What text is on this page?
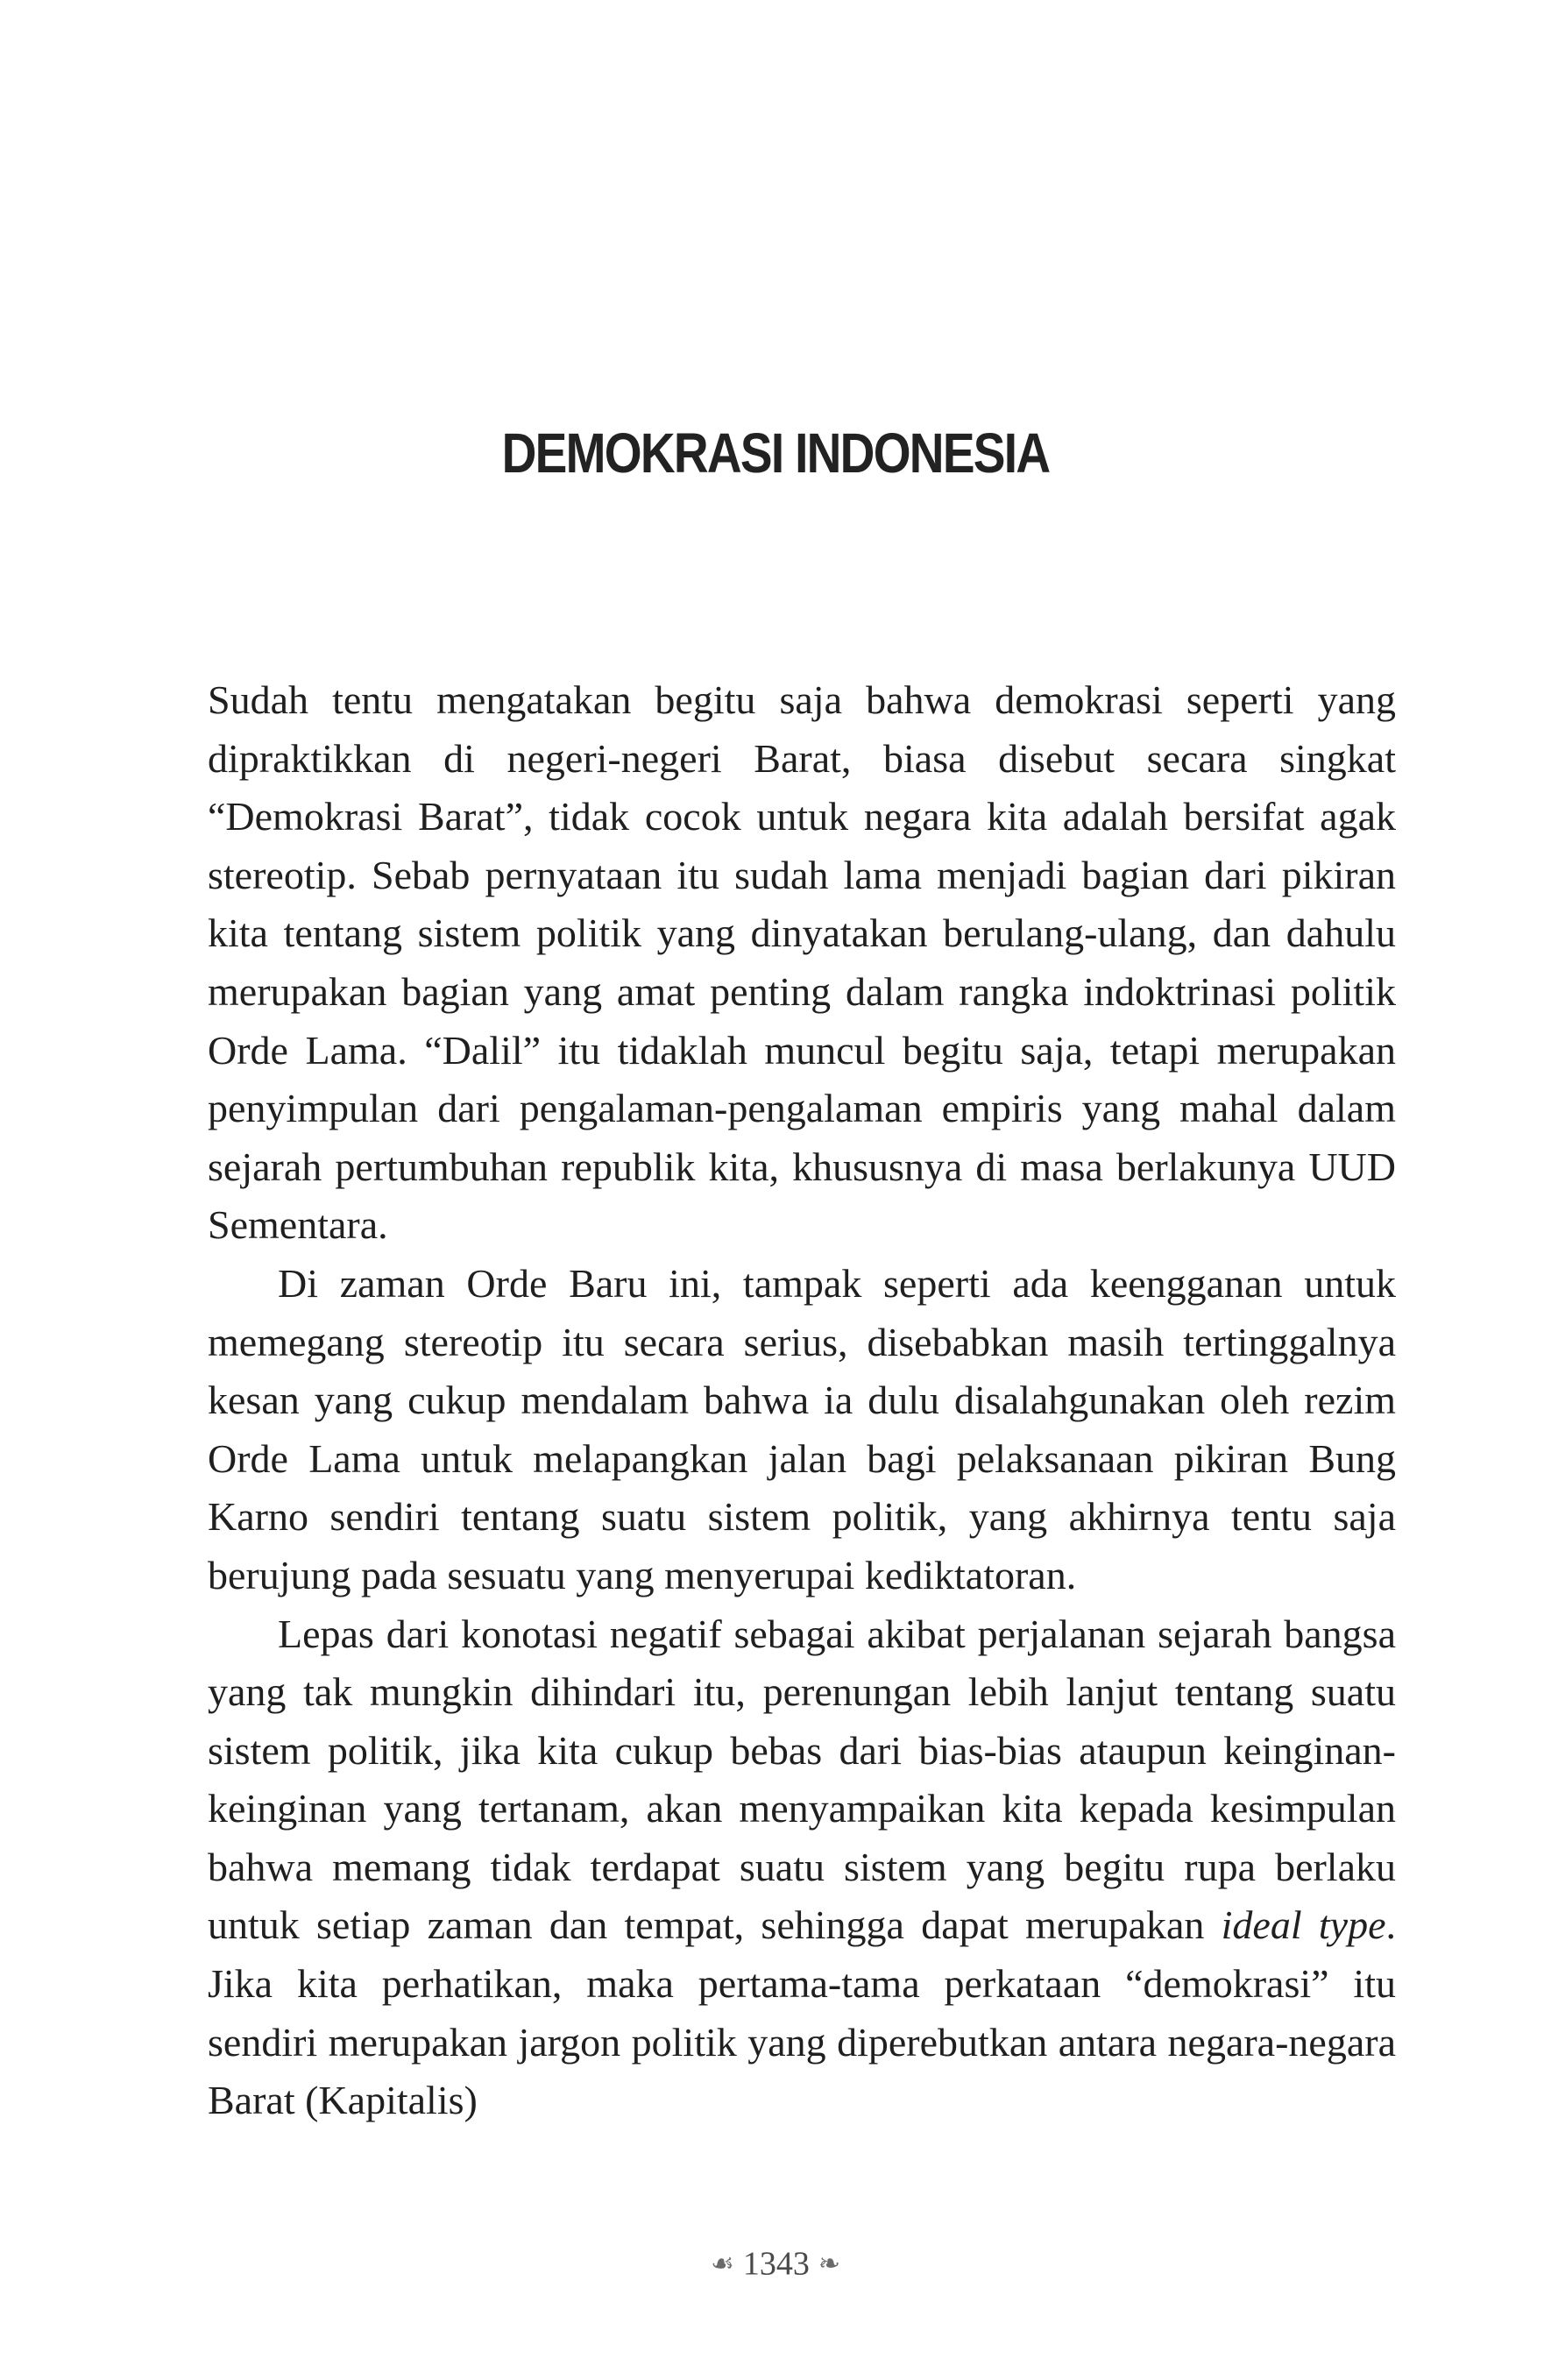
DEMOKRASI INDONESIA

Sudah tentu mengatakan begitu saja bahwa demokrasi seperti yang dipraktikkan di negeri-negeri Barat, biasa disebut secara singkat “Demokrasi Barat”, tidak cocok untuk negara kita adalah bersifat agak stereotip. Sebab pernyataan itu sudah lama menjadi bagian dari pikiran kita tentang sistem politik yang dinyatakan berulang-ulang, dan dahulu merupakan bagian yang amat penting dalam rangka indoktrinasi politik Orde Lama. “Dalil” itu tidaklah muncul begitu saja, tetapi merupakan penyimpulan dari pengalaman-pengalaman empiris yang mahal dalam sejarah pertumbuhan republik kita, khususnya di masa berlakunya UUD Sementara.

Di zaman Orde Baru ini, tampak seperti ada keengganan untuk memegang stereotip itu secara serius, disebabkan masih tertinggalnya kesan yang cukup mendalam bahwa ia dulu disalahgunakan oleh rezim Orde Lama untuk melapangkan jalan bagi pelaksanaan pikiran Bung Karno sendiri tentang suatu sistem politik, yang akhirnya tentu saja berujung pada sesuatu yang menyerupai kediktatoran.

Lepas dari konotasi negatif sebagai akibat perjalanan sejarah bangsa yang tak mungkin dihindari itu, perenungan lebih lanjut tentang suatu sistem politik, jika kita cukup bebas dari bias-bias ataupun keinginan-keinginan yang tertanam, akan menyampaikan kita kepada kesimpulan bahwa memang tidak terdapat suatu sistem yang begitu rupa berlaku untuk setiap zaman dan tempat, sehingga dapat merupakan ideal type. Jika kita perhatikan, maka pertama-tama perkataan “demokrasi” itu sendiri merupakan jargon politik yang diperebutkan antara negara-negara Barat (Kapitalis)

☙ 1343 ❧
